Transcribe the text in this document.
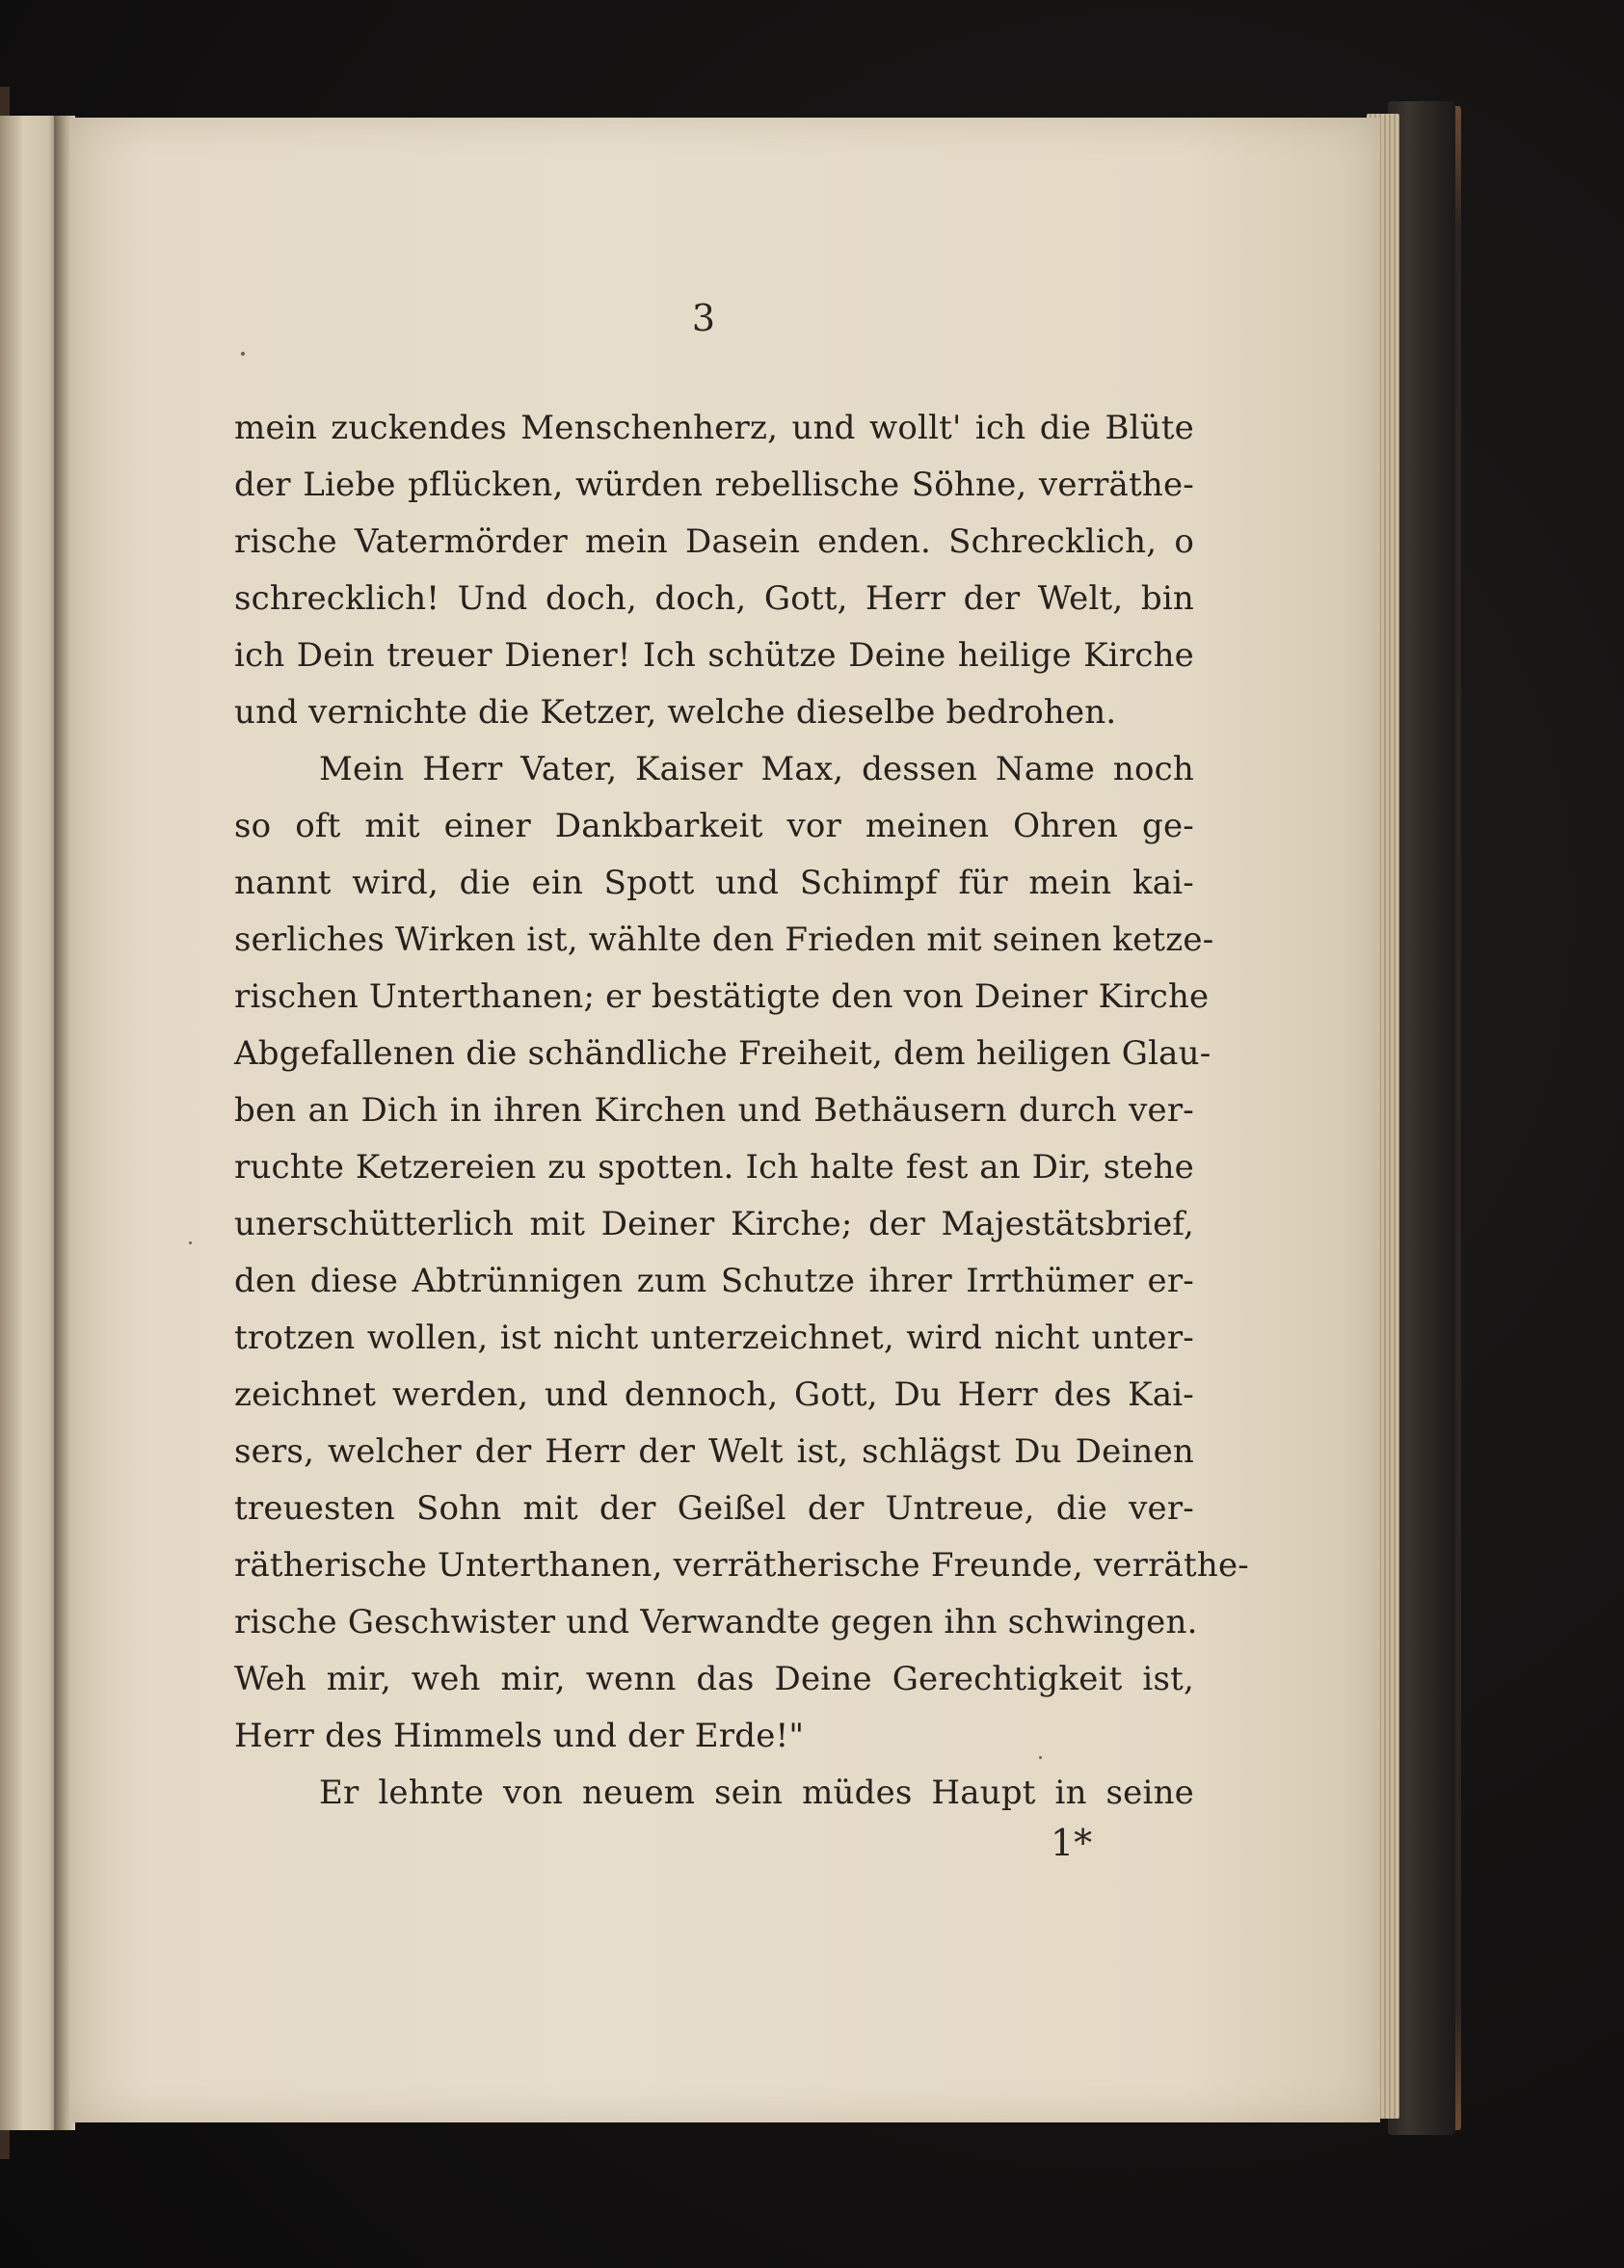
3
mein zuckendes Menschenherz, und wollt' ich die Blüte
der Liebe pflücken, würden rebellische Söhne, verräthe-
rische Vatermörder mein Dasein enden. Schrecklich, o
schrecklich! Und doch, doch, Gott, Herr der Welt, bin
ich Dein treuer Diener! Ich schütze Deine heilige Kirche
und vernichte die Ketzer, welche dieselbe bedrohen.
Mein Herr Vater, Kaiser Max, dessen Name noch
so oft mit einer Dankbarkeit vor meinen Ohren ge-
nannt wird, die ein Spott und Schimpf für mein kai-
serliches Wirken ist, wählte den Frieden mit seinen ketze-
rischen Unterthanen; er bestätigte den von Deiner Kirche
Abgefallenen die schändliche Freiheit, dem heiligen Glau-
ben an Dich in ihren Kirchen und Bethäusern durch ver-
ruchte Ketzereien zu spotten. Ich halte fest an Dir, stehe
unerschütterlich mit Deiner Kirche; der Majestätsbrief,
den diese Abtrünnigen zum Schutze ihrer Irrthümer er-
trotzen wollen, ist nicht unterzeichnet, wird nicht unter-
zeichnet werden, und dennoch, Gott, Du Herr des Kai-
sers, welcher der Herr der Welt ist, schlägst Du Deinen
treuesten Sohn mit der Geißel der Untreue, die ver-
rätherische Unterthanen, verrätherische Freunde, verräthe-
rische Geschwister und Verwandte gegen ihn schwingen.
Weh mir, weh mir, wenn das Deine Gerechtigkeit ist,
Herr des Himmels und der Erde!"
Er lehnte von neuem sein müdes Haupt in seine
1*
